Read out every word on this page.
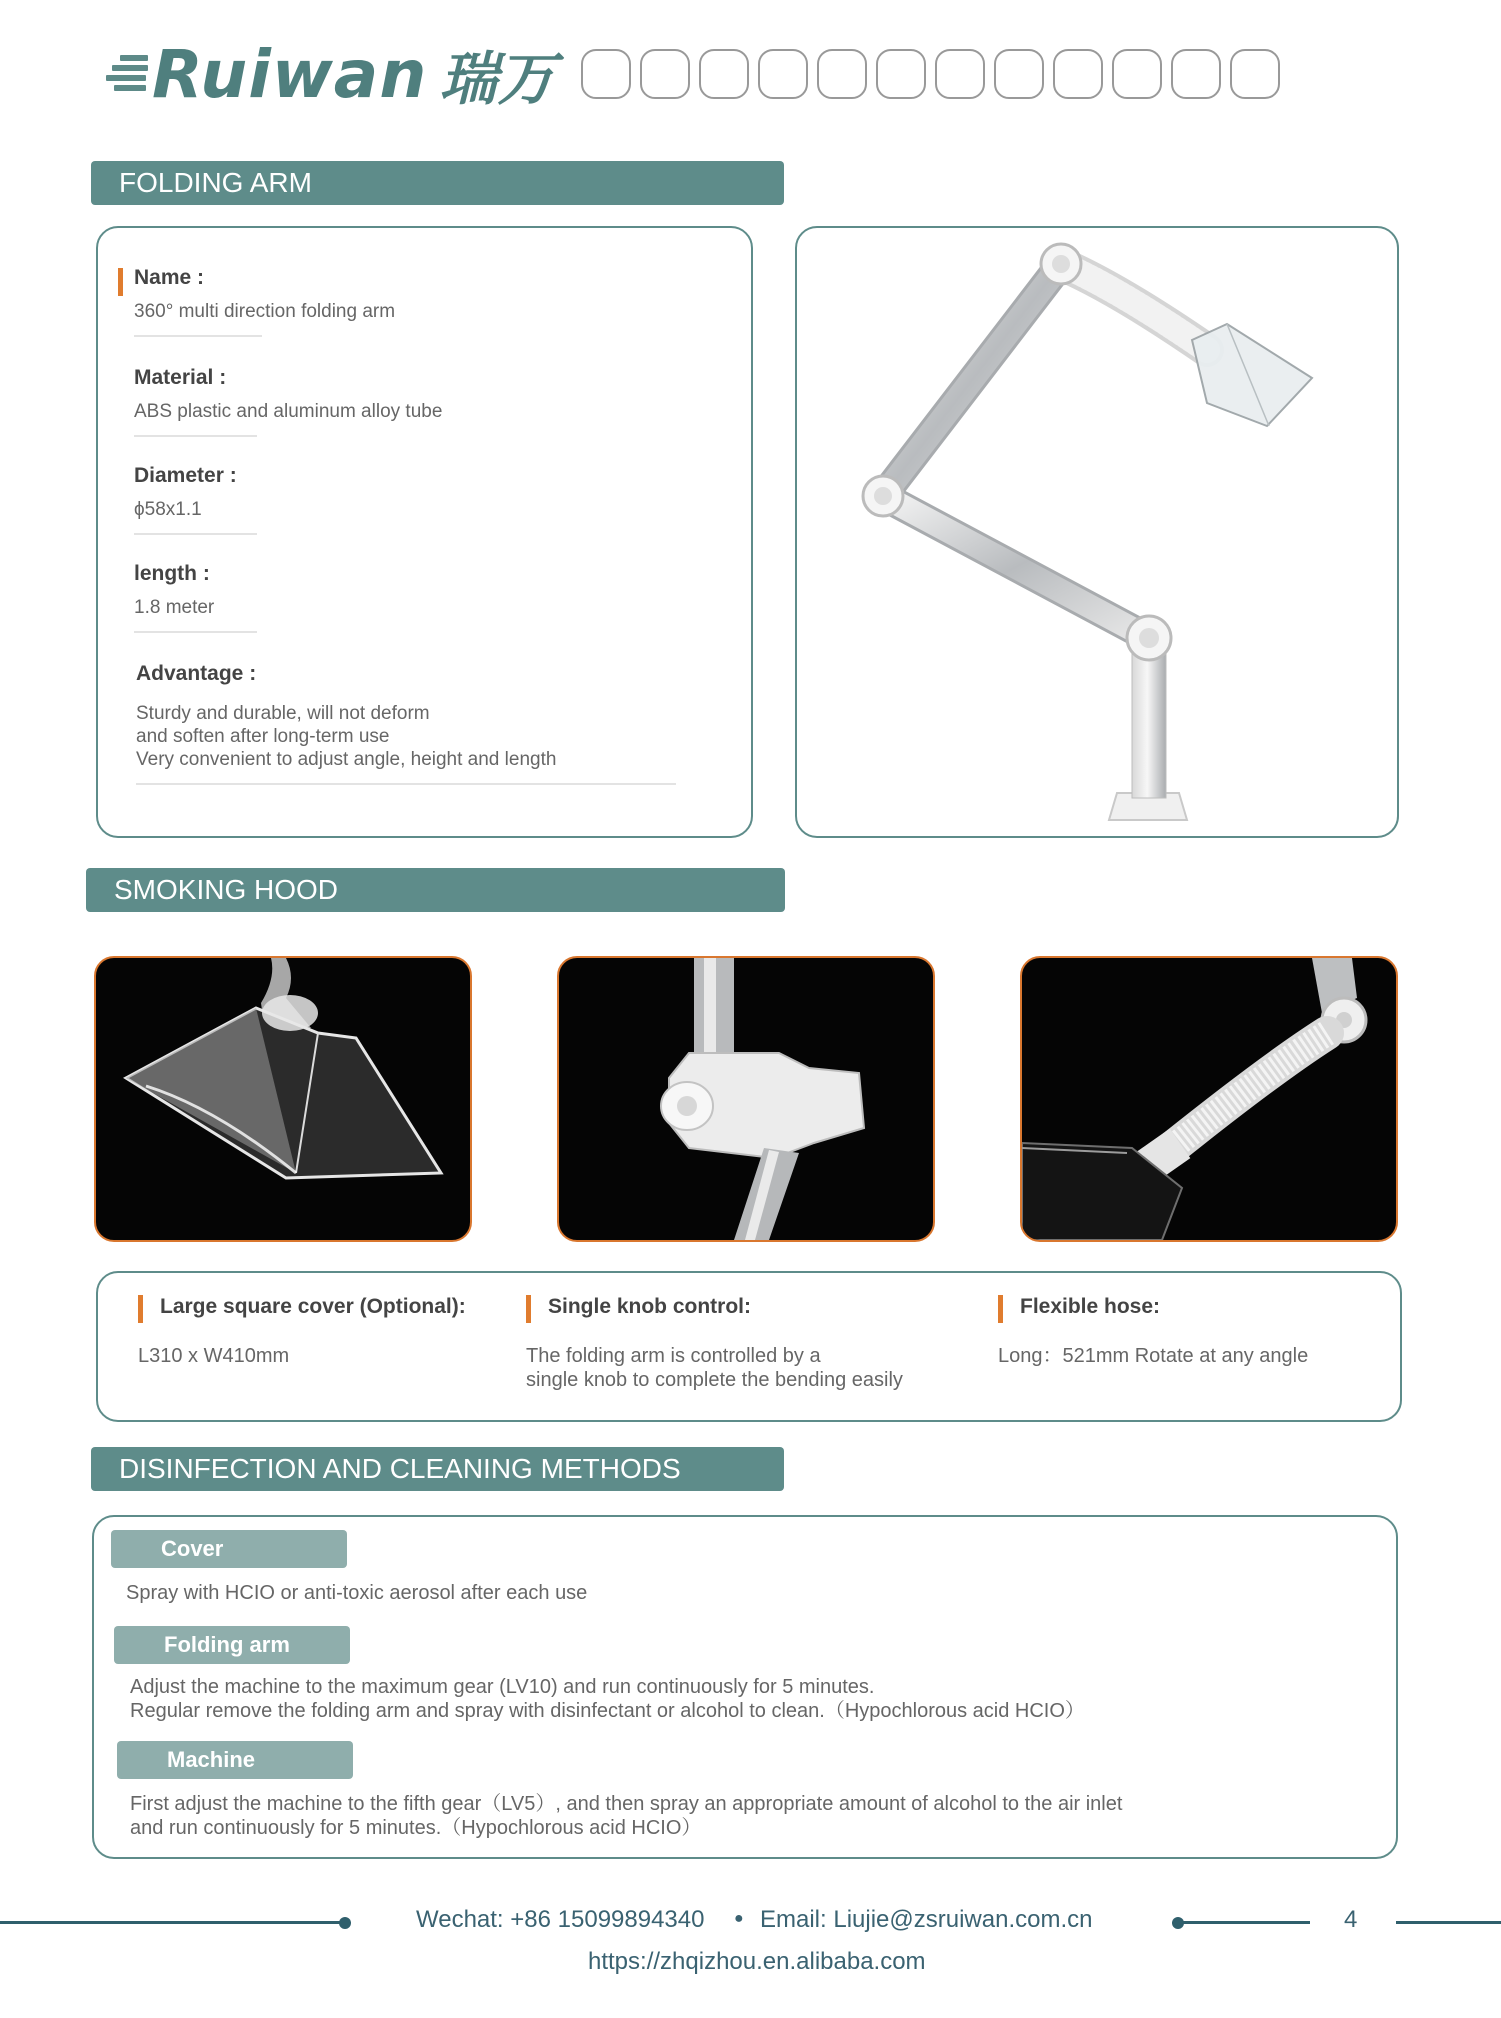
Ruiwan 瑞万
FOLDING ARM
Name :
360° multi direction folding arm
Material :
ABS plastic and aluminum alloy tube
Diameter :
ϕ58x1.1
length :
1.8 meter
Advantage :
Sturdy and durable, will not deform
and soften after long-term use
Very convenient to adjust angle, height and length
SMOKING HOOD
Large square cover (Optional):
L310 x W410mm
Single knob control:
The folding arm is controlled by a
single knob to complete the bending easily
Flexible hose:
Long：521mm Rotate at any angle
DISINFECTION AND CLEANING METHODS
Cover
Spray with HCIO or anti-toxic aerosol after each use
Folding arm
Adjust the machine to the maximum gear (LV10) and run continuously for 5 minutes.
Regular remove the folding arm and spray with disinfectant or alcohol to clean.（Hypochlorous acid HCIO）
Machine
First adjust the machine to the fifth gear（LV5）, and then spray an appropriate amount of alcohol to the air inlet
and run continuously for 5 minutes.（Hypochlorous acid HCIO）
Wechat: +86 15099894340 ● Email: Liujie@zsruiwan.com.cn	4
https://zhqizhou.en.alibaba.com
